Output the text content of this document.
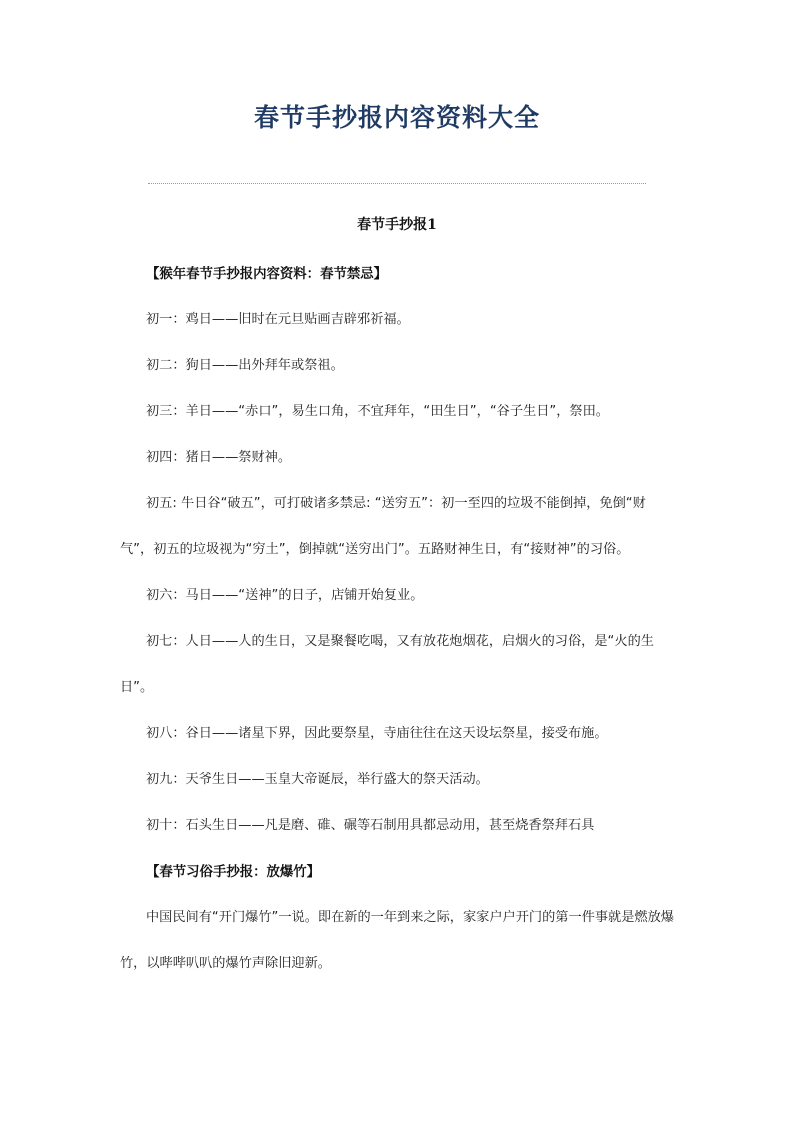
春节手抄报内容资料大全
春节手抄报1

【猴年春节手抄报内容资料：春节禁忌】

初一：鸡日——旧时在元旦贴画吉辟邪祈福。

初二：狗日——出外拜年或祭祖。

初三：羊日——“赤口”，易生口角，不宜拜年，“田生日”，“谷子生日”，祭田。

初四：猪日——祭财神。

初五: 牛日谷“破五”，可打破诸多禁忌: “送穷五”：初一至四的垃圾不能倒掉，免倒“财气”，初五的垃圾视为“穷土”，倒掉就“送穷出门”。五路财神生日，有“接财神”的习俗。

初六：马日——“送神”的日子，店铺开始复业。

初七：人日——人的生日，又是聚餐吃喝，又有放花炮烟花，启烟火的习俗，是“火的生日”。

初八：谷日——诸星下界，因此要祭星，寺庙往往在这天设坛祭星，接受布施。

初九：天爷生日——玉皇大帝诞辰，举行盛大的祭天活动。

初十：石头生日——凡是磨、碓、碾等石制用具都忌动用，甚至烧香祭拜石具

【春节习俗手抄报：放爆竹】

中国民间有“开门爆竹”一说。即在新的一年到来之际，家家户户开门的第一件事就是燃放爆竹，以哔哔叭叭的爆竹声除旧迎新。
